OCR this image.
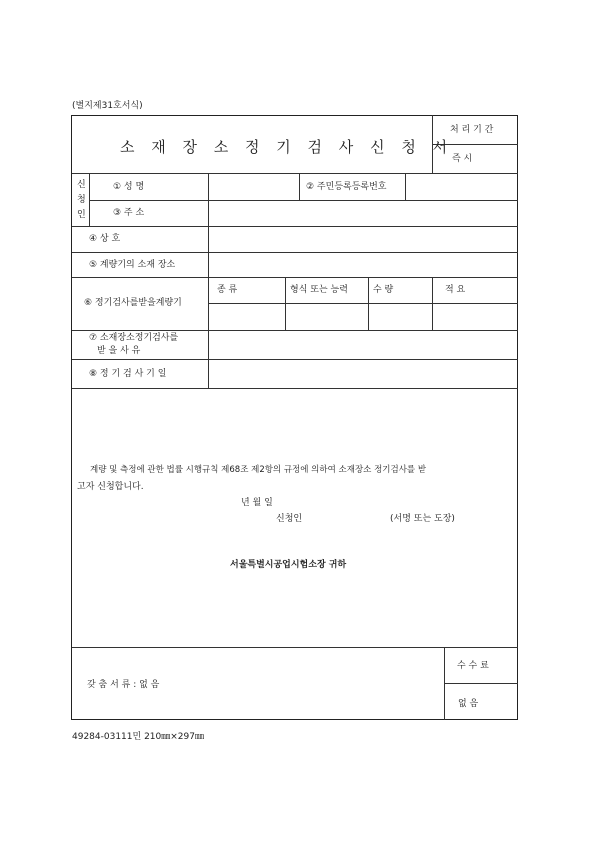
(별지제31호서식)
소 재 장 소 정 기 검 사 신 청 서
처 리 기 간
즉 시
신
청
인
① 성 명	② 주민등록등록번호
③ 주 소
④ 상 호
⑤ 계량기의 소재 장소
⑥ 정기검사를받을계량기
종 류	형식 또는 능력	수 량	적 요
⑦ 소재장소정기검사를
받 을 사 유
⑧ 정 기 검 사 기 일
계량 및 측정에 관한 법률 시행규칙 제68조 제2항의 규정에 의하여 소재장소 정기검사를 받
고자 신청합니다.
년 월 일
신청인	(서명 또는 도장)
서울특별시공업시험소장 귀하
갖 춤 서 류 : 없 음
수 수 료
없 음
49284-03111민 210㎜×297㎜
